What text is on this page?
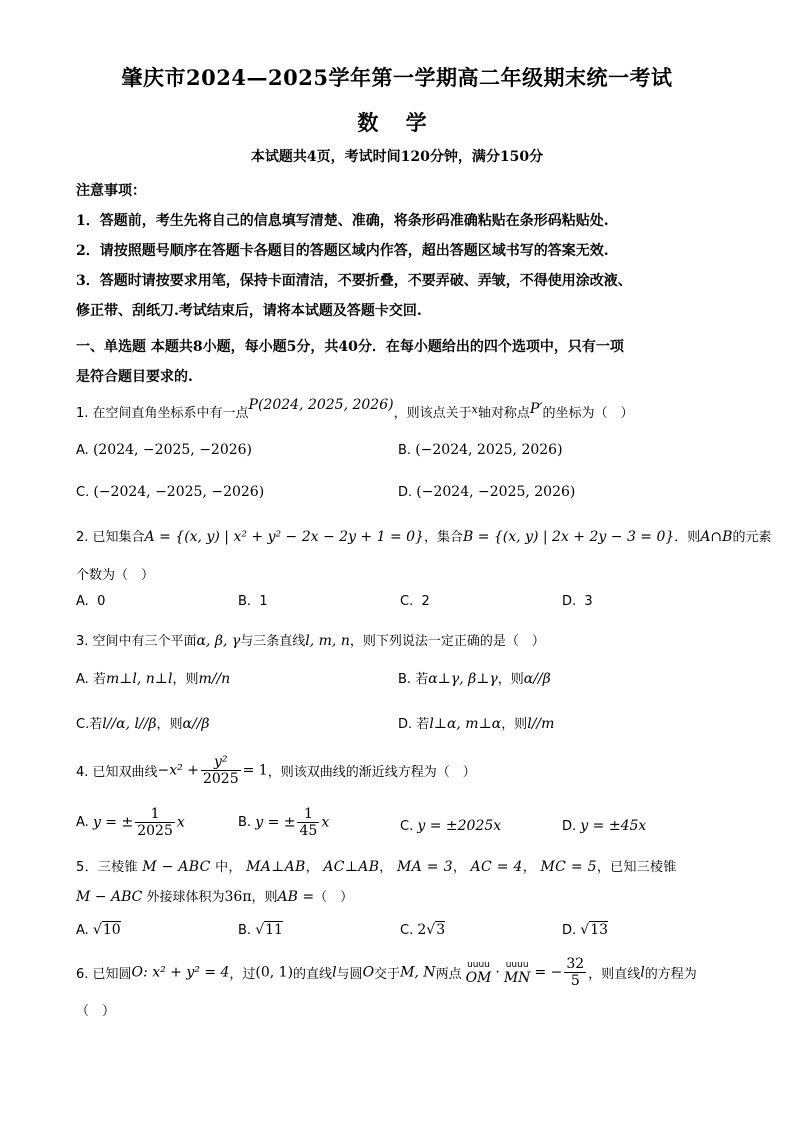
肇庆市2024—2025学年第一学期高二年级期末统一考试
数 学
本试题共4页，考试时间120分钟，满分150分
注意事项：
1．答题前，考生先将自己的信息填写清楚、准确，将条形码准确粘贴在条形码粘贴处.
2．请按照题号顺序在答题卡各题目的答题区域内作答，超出答题区域书写的答案无效.
3．答题时请按要求用笔，保持卡面清洁，不要折叠，不要弄破、弄皱，不得使用涂改液、
修正带、刮纸刀.考试结束后，请将本试题及答题卡交回.
一、单选题 本题共8小题，每小题5分，共40分．在每小题给出的四个选项中，只有一项
是符合题目要求的.
1. 在空间直角坐标系中有一点P(2024, 2025, 2026)，则该点关于$^x$轴对称点P′的坐标为（　）
A. (2024, −2025, −2026)	B. (−2024, 2025, 2026)
C. (−2024, −2025, −2026)	D. (−2024, −2025, 2026)
2. 已知集合A = {(x, y) | x² + y² − 2x − 2y + 1 = 0}，集合B = {(x, y) | 2x + 2y − 3 = 0}．则A∩B的元素
个数为（　）
A. 0	B. 1	C. 2	D. 3
3. 空间中有三个平面α, β, γ与三条直线l, m, n，则下列说法一定正确的是（　）
A. 若m⊥l, n⊥l，则m//n	B. 若α⊥γ, β⊥γ，则α//β
C.若l//α, l//β，则α//β	D. 若l⊥α, m⊥α，则l//m
4. 已知双曲线$-x^2 + \frac{\text{y²}}{2025} = 1$，则该双曲线的渐近线方程为（　）
A. y = ± $\frac{1}{2025}$ x	B. y = ± $\frac{1}{45}$ x	C. y = ±2025x	D. y = ±45x
5．三棱锥 M − ABC 中， MA⊥AB， AC⊥AB， MA = 3， AC = 4， MC = 5，已知三棱锥
M − ABC 外接球体积为36π，则AB =（　）
A. √10	B. √11	C. 2√3	D. √13
6. 已知圆O: x² + y² = 4，过(0, 1)的直线l与圆O交于M, N两点
uuuu
OM · uuuu
MN = − $\frac{32}{5}$ ，则直线l的方程为
（　）
